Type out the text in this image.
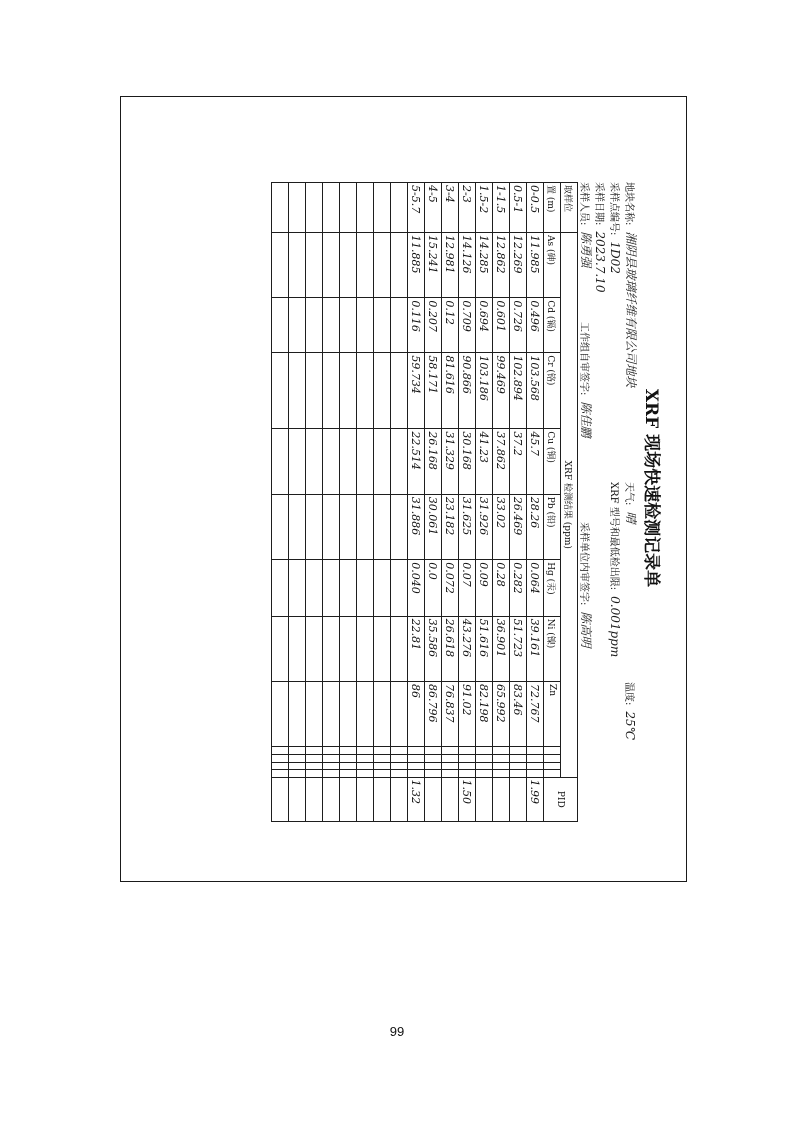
XRF 现场快速检测记录单
地块名称:
湘阴县玻璃纤维有限公司地块
天气:
晴
温度:
25℃
采样点编号:
1D02
XRF 型号和最低检出限:
0.001ppm
采样日期:
2023.7.10
采样人员:
陈勇强
工作组自审签字:
陈佳鹏
采样单位内审签字:
陈高明
取样位	XRF 检测结果 (ppm)												PID
置 (m)	As (砷)	Cd (镉)	Cr (铬)	Cu (铜)	Pb (铅)	Hg (汞)	Ni (镍)	Zn					
0-0.5	11.985	0.496	103.568	45.7	28.26	0.064	39.161	72.767					1.99
0.5-1	12.269	0.726	102.894	37.2	26.469	0.282	51.723	83.46					
1-1.5	12.862	0.601	99.469	37.862	33.02	0.28	36.901	65.992					
1.5-2	14.285	0.694	103.186	41.23	31.926	0.09	51.616	82.198					
2-3	14.126	0.709	90.866	30.168	31.625	0.07	43.276	91.02					1.50
3-4	12.981	0.12	81.616	31.329	23.182	0.072	26.618	76.837					
4-5	15.241	0.207	58.171	26.168	30.061	0.0	35.586	86.796					
5-5.7	11.885	0.116	59.734	22.514	31.886	0.040	22.81	86					1.32

99
